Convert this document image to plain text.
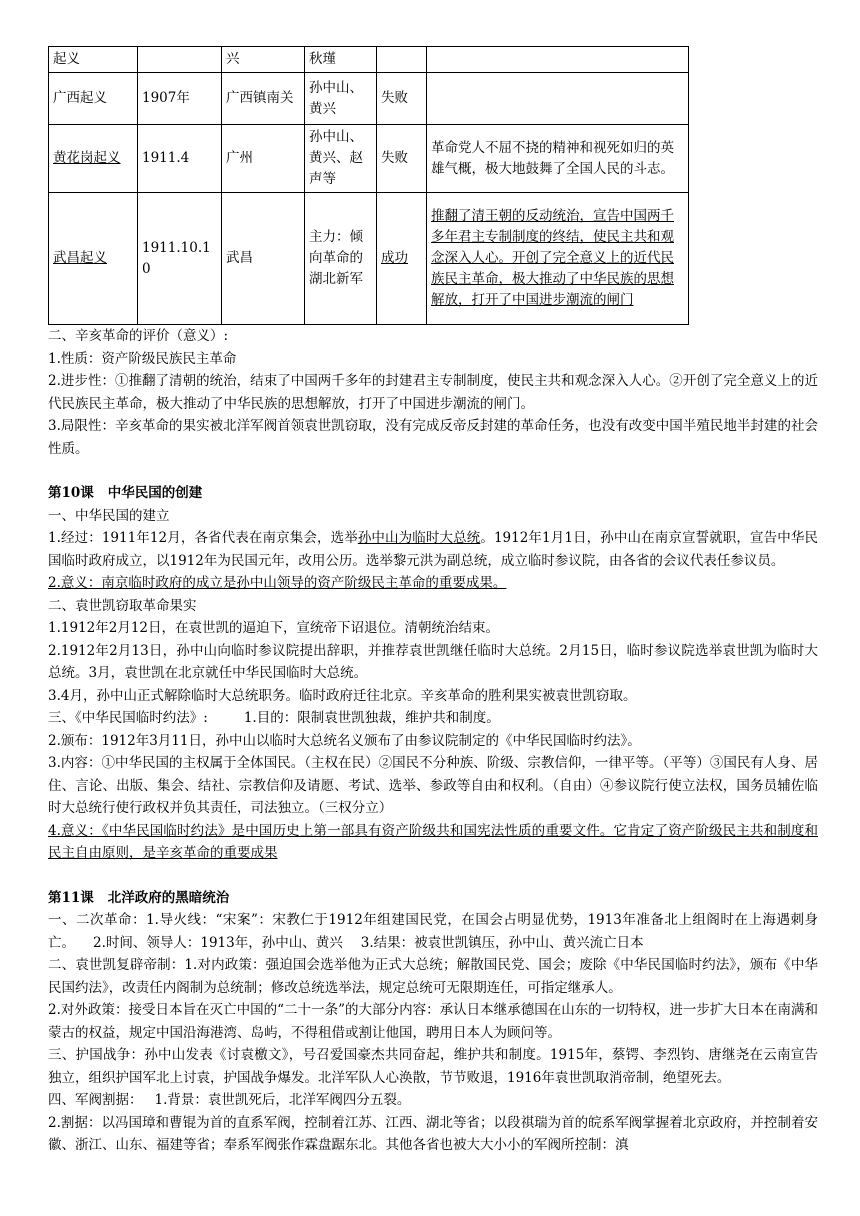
起义		兴	秋瑾		
广西起义	1907年	广西镇南关	孙中山、黄兴	失败	
黄花岗起义	1911.4	广州	孙中山、黄兴、赵声等	失败	革命党人不屈不挠的精神和视死如归的英雄气概，极大地鼓舞了全国人民的斗志。
武昌起义	1911.10.10	武昌	主力：倾向革命的湖北新军	成功	推翻了清王朝的反动统治，宣告中国两千多年君主专制制度的终结，使民主共和观念深入人心。开创了完全意义上的近代民族民主革命，极大推动了中华民族的思想解放，打开了中国进步潮流的闸门

二、辛亥革命的评价（意义）:

1.性质：资产阶级民族民主革命

2.进步性：①推翻了清朝的统治，结束了中国两千多年的封建君主专制制度，使民主共和观念深入人心。②开创了完全意义上的近代民族民主革命，极大推动了中华民族的思想解放，打开了中国进步潮流的闸门。

3.局限性：辛亥革命的果实被北洋军阀首领袁世凯窃取，没有完成反帝反封建的革命任务，也没有改变中国半殖民地半封建的社会性质。

第10课 中华民国的创建

一、中华民国的建立

1.经过：1911年12月，各省代表在南京集会，选举孙中山为临时大总统。1912年1月1日，孙中山在南京宣誓就职，宣告中华民国临时政府成立，以1912年为民国元年，改用公历。选举黎元洪为副总统，成立临时参议院，由各省的会议代表任参议员。

2.意义：南京临时政府的成立是孙中山领导的资产阶级民主革命的重要成果。

二、袁世凯窃取革命果实

1.1912年2月12日，在袁世凯的逼迫下，宣统帝下诏退位。清朝统治结束。

2.1912年2月13日，孙中山向临时参议院提出辞职，并推荐袁世凯继任临时大总统。2月15日，临时参议院选举袁世凯为临时大总统。3月，袁世凯在北京就任中华民国临时大总统。

3.4月，孙中山正式解除临时大总统职务。临时政府迁往北京。辛亥革命的胜利果实被袁世凯窃取。

三、《中华民国临时约法》:	1.目的：限制袁世凯独裁，维护共和制度。

2.颁布：1912年3月11日，孙中山以临时大总统名义颁布了由参议院制定的《中华民国临时约法》。

3.内容：①中华民国的主权属于全体国民。（主权在民）②国民不分种族、阶级、宗教信仰，一律平等。（平等）③国民有人身、居住、言论、出版、集会、结社、宗教信仰及请愿、考试、选举、参政等自由和权利。（自由）④参议院行使立法权，国务员辅佐临时大总统行使行政权并负其责任，司法独立。（三权分立）

4.意义：《中华民国临时约法》是中国历史上第一部具有资产阶级共和国宪法性质的重要文件。它肯定了资产阶级民主共和制度和民主自由原则，是辛亥革命的重要成果

第11课 北洋政府的黑暗统治

一、二次革命：1.导火线：“宋案”：宋教仁于1912年组建国民党，在国会占明显优势，1913年准备北上组阁时在上海遇刺身亡。 2.时间、领导人：1913年，孙中山、黄兴 3.结果：被袁世凯镇压，孙中山、黄兴流亡日本

二、袁世凯复辟帝制：1.对内政策：强迫国会选举他为正式大总统；解散国民党、国会；废除《中华民国临时约法》，颁布《中华民国约法》，改责任内阁制为总统制；修改总统选举法，规定总统可无限期连任，可指定继承人。

2.对外政策：接受日本旨在灭亡中国的“二十一条”的大部分内容：承认日本继承德国在山东的一切特权，进一步扩大日本在南满和蒙古的权益，规定中国沿海港湾、岛屿，不得租借或割让他国，聘用日本人为顾问等。

三、护国战争：孙中山发表《讨袁檄文》，号召爱国豪杰共同奋起，维护共和制度。1915年，蔡锷、李烈钧、唐继尧在云南宣告独立，组织护国军北上讨袁，护国战争爆发。北洋军队人心涣散，节节败退，1916年袁世凯取消帝制，绝望死去。

四、军阀割据： 1.背景：袁世凯死后，北洋军阀四分五裂。

2.割据：以冯国璋和曹锟为首的直系军阀，控制着江苏、江西、湖北等省；以段祺瑞为首的皖系军阀掌握着北京政府，并控制着安徽、浙江、山东、福建等省；奉系军阀张作霖盘踞东北。其他各省也被大大小小的军阀所控制：滇
